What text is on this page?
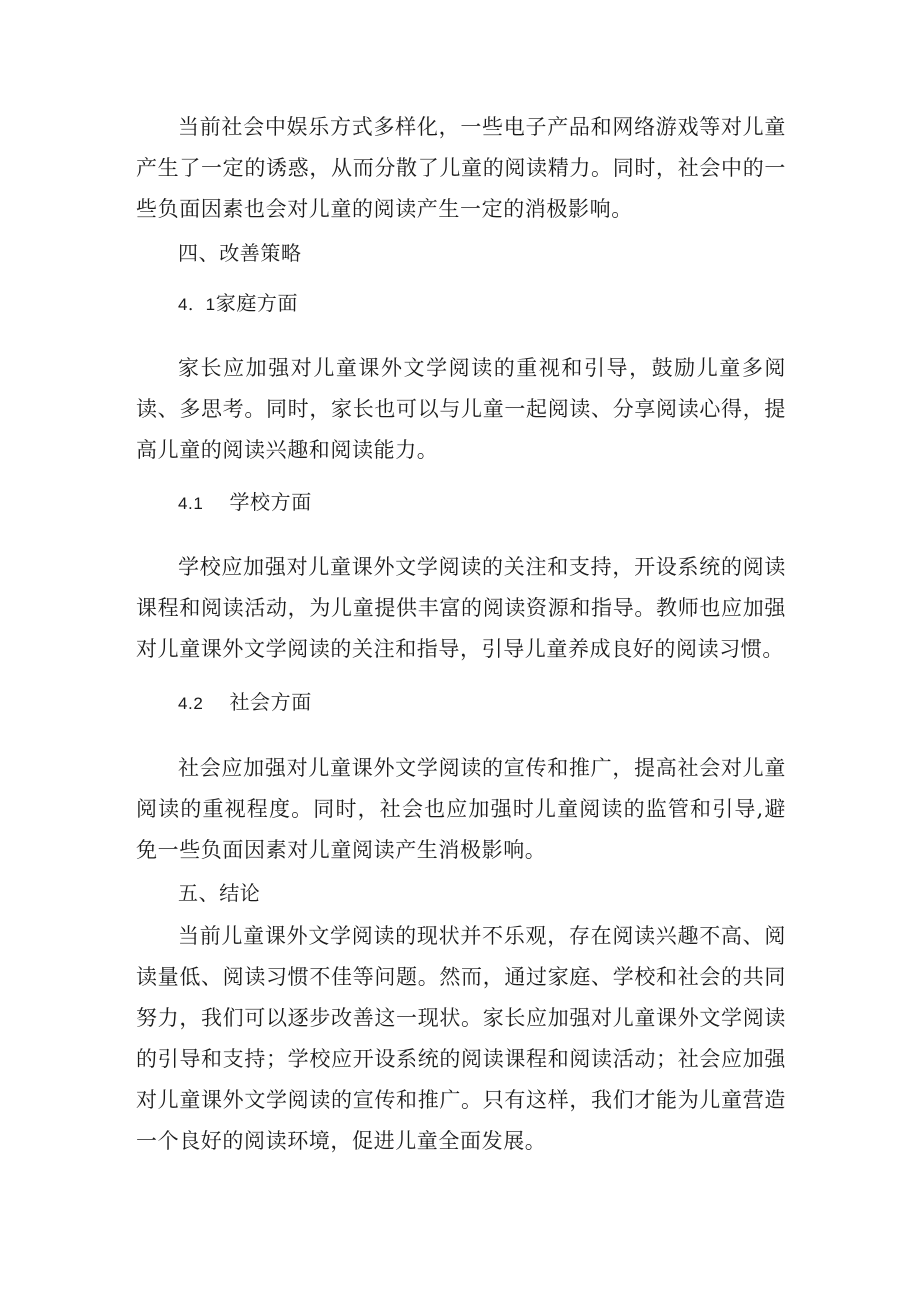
当前社会中娱乐方式多样化，一些电子产品和网络游戏等对儿童产生了一定的诱惑，从而分散了儿童的阅读精力。同时，社会中的一些负面因素也会对儿童的阅读产生一定的消极影响。

四、改善策略

4．1家庭方面

家长应加强对儿童课外文学阅读的重视和引导，鼓励儿童多阅读、多思考。同时，家长也可以与儿童一起阅读、分享阅读心得，提高儿童的阅读兴趣和阅读能力。

4.1 学校方面

学校应加强对儿童课外文学阅读的关注和支持，开设系统的阅读课程和阅读活动，为儿童提供丰富的阅读资源和指导。教师也应加强对儿童课外文学阅读的关注和指导，引导儿童养成良好的阅读习惯。

4.2 社会方面

社会应加强对儿童课外文学阅读的宣传和推广，提高社会对儿童阅读的重视程度。同时，社会也应加强时儿童阅读的监管和引导,避免一些负面因素对儿童阅读产生消极影响。

五、结论

当前儿童课外文学阅读的现状并不乐观，存在阅读兴趣不高、阅读量低、阅读习惯不佳等问题。然而，通过家庭、学校和社会的共同努力，我们可以逐步改善这一现状。家长应加强对儿童课外文学阅读的引导和支持；学校应开设系统的阅读课程和阅读活动；社会应加强对儿童课外文学阅读的宣传和推广。只有这样，我们才能为儿童营造一个良好的阅读环境，促进儿童全面发展。
